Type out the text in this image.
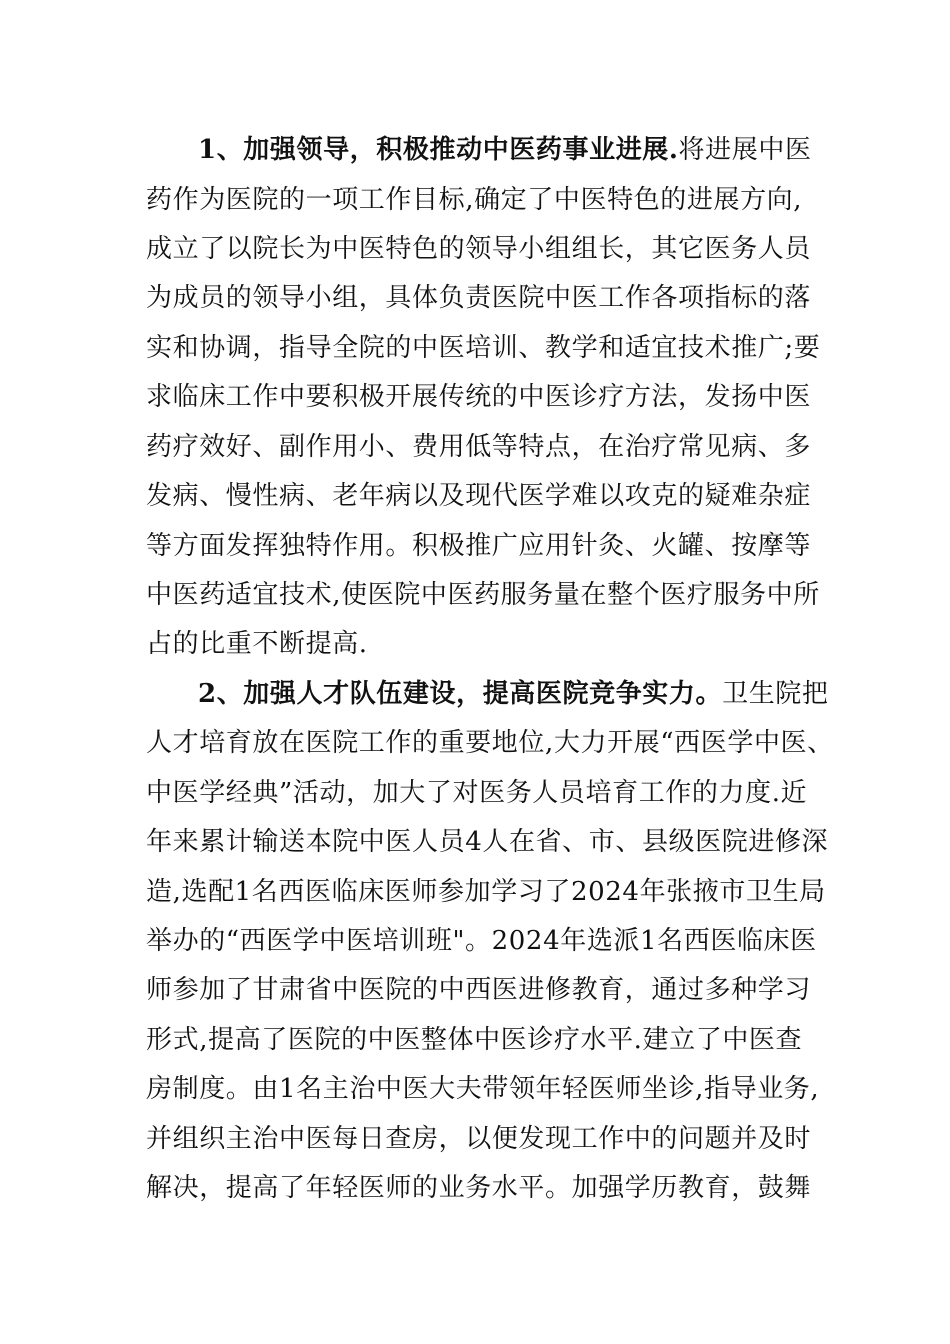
1、加强领导，积极推动中医药事业进展.将进展中医
药作为医院的一项工作目标,确定了中医特色的进展方向,
成立了以院长为中医特色的领导小组组长，其它医务人员
为成员的领导小组，具体负责医院中医工作各项指标的落
实和协调，指导全院的中医培训、教学和适宜技术推广;要
求临床工作中要积极开展传统的中医诊疗方法，发扬中医
药疗效好、副作用小、费用低等特点，在治疗常见病、多
发病、慢性病、老年病以及现代医学难以攻克的疑难杂症
等方面发挥独特作用。积极推广应用针灸、火罐、按摩等
中医药适宜技术,使医院中医药服务量在整个医疗服务中所
占的比重不断提高.
2、加强人才队伍建设，提高医院竞争实力。卫生院把
人才培育放在医院工作的重要地位,大力开展“西医学中医、
中医学经典”活动，加大了对医务人员培育工作的力度.近
年来累计输送本院中医人员4人在省、市、县级医院进修深
造,选配1名西医临床医师参加学习了2024年张掖市卫生局
举办的“西医学中医培训班"。2024年选派1名西医临床医
师参加了甘肃省中医院的中西医进修教育，通过多种学习
形式,提高了医院的中医整体中医诊疗水平.建立了中医查
房制度。由1名主治中医大夫带领年轻医师坐诊,指导业务,
并组织主治中医每日查房，以便发现工作中的问题并及时
解决，提高了年轻医师的业务水平。加强学历教育，鼓舞
